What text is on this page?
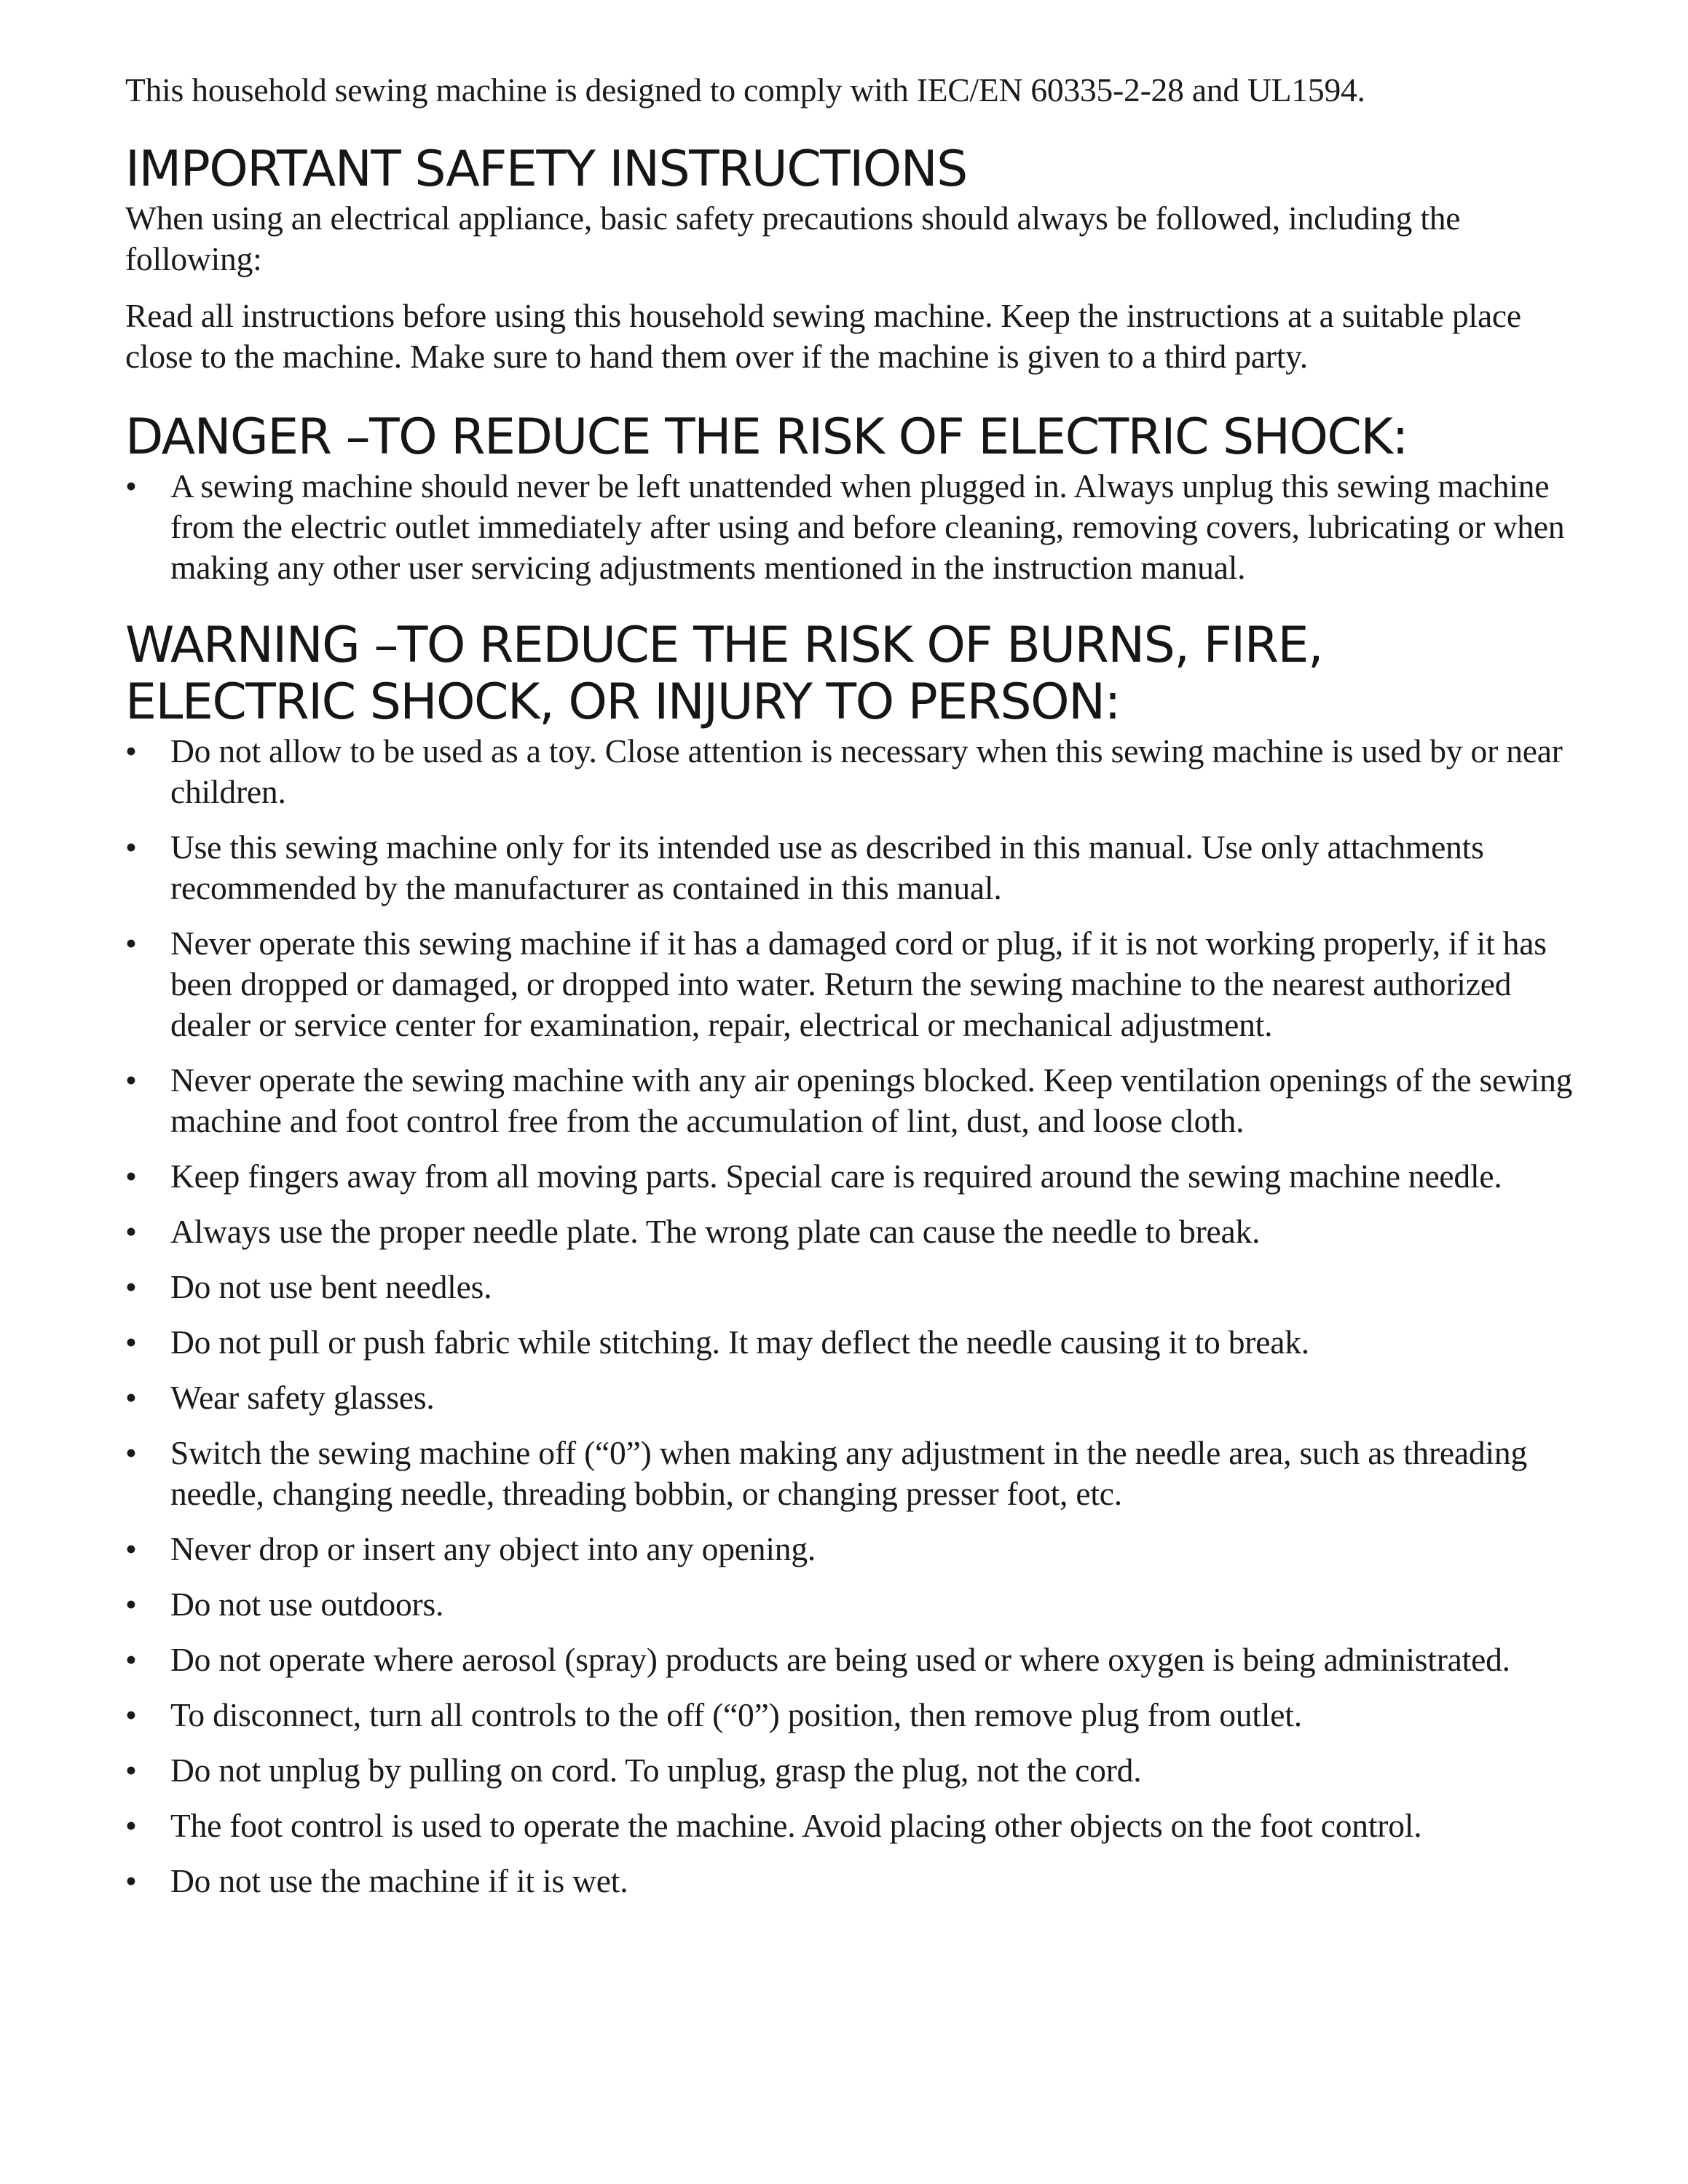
This household sewing machine is designed to comply with IEC/EN 60335-2-28 and UL1594.

IMPORTANT SAFETY INSTRUCTIONS

When using an electrical appliance, basic safety precautions should always be followed, including the following:

Read all instructions before using this household sewing machine. Keep the instructions at a suitable place close to the machine. Make sure to hand them over if the machine is given to a third party.

DANGER –TO REDUCE THE RISK OF ELECTRIC SHOCK:
•	A sewing machine should never be left unattended when plugged in. Always unplug this sewing machine from the electric outlet immediately after using and before cleaning, removing covers, lubricating or when making any other user servicing adjustments mentioned in the instruction manual.
WARNING –TO REDUCE THE RISK OF BURNS, FIRE,
ELECTRIC SHOCK, OR INJURY TO PERSON:
•	Do not allow to be used as a toy. Close attention is necessary when this sewing machine is used by or near children.
•	Use this sewing machine only for its intended use as described in this manual. Use only attachments recommended by the manufacturer as contained in this manual.
•	Never operate this sewing machine if it has a damaged cord or plug, if it is not working properly, if it has been dropped or damaged, or dropped into water. Return the sewing machine to the nearest authorized dealer or service center for examination, repair, electrical or mechanical adjustment.
•	Never operate the sewing machine with any air openings blocked. Keep ventilation openings of the sewing machine and foot control free from the accumulation of lint, dust, and loose cloth.
•	Keep fingers away from all moving parts. Special care is required around the sewing machine needle.
•	Always use the proper needle plate. The wrong plate can cause the needle to break.
•	Do not use bent needles.
•	Do not pull or push fabric while stitching. It may deflect the needle causing it to break.
•	Wear safety glasses.
•	Switch the sewing machine off (“0”) when making any adjustment in the needle area, such as threading needle, changing needle, threading bobbin, or changing presser foot, etc.
•	Never drop or insert any object into any opening.
•	Do not use outdoors.
•	Do not operate where aerosol (spray) products are being used or where oxygen is being administrated.
•	To disconnect, turn all controls to the off (“0”) position, then remove plug from outlet.
•	Do not unplug by pulling on cord. To unplug, grasp the plug, not the cord.
•	The foot control is used to operate the machine. Avoid placing other objects on the foot control.
•	Do not use the machine if it is wet.
